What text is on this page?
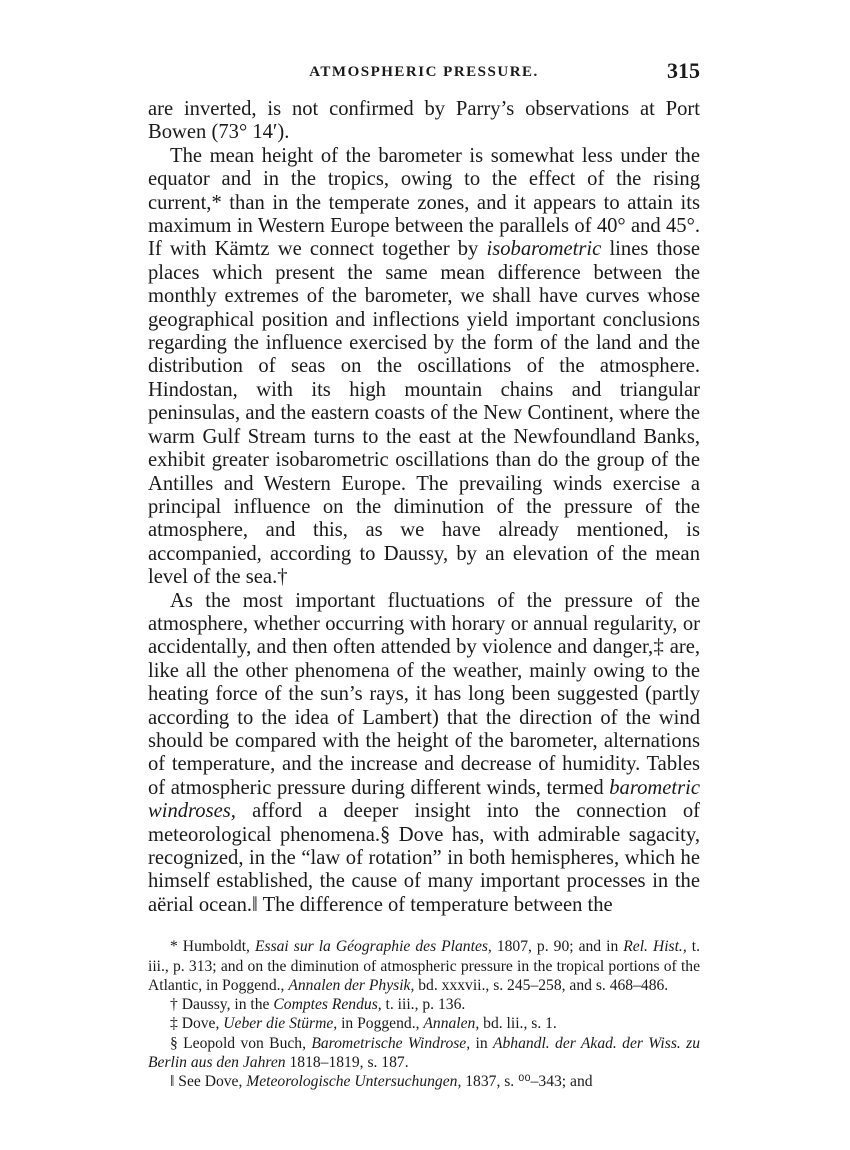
ATMOSPHERIC PRESSURE.	315

are inverted, is not confirmed by Parry’s observations at Port Bowen (73° 14′).

The mean height of the barometer is somewhat less under the equator and in the tropics, owing to the effect of the rising current,* than in the temperate zones, and it appears to attain its maximum in Western Europe between the parallels of 40° and 45°. If with Kämtz we connect together by isobarometric lines those places which present the same mean difference between the monthly extremes of the barometer, we shall have curves whose geographical position and inflections yield important conclusions regarding the influence exercised by the form of the land and the distribution of seas on the oscillations of the atmosphere. Hindostan, with its high mountain chains and triangular peninsulas, and the eastern coasts of the New Continent, where the warm Gulf Stream turns to the east at the Newfoundland Banks, exhibit greater isobarometric oscillations than do the group of the Antilles and Western Europe. The prevailing winds exercise a principal influence on the diminution of the pressure of the atmosphere, and this, as we have already mentioned, is accompanied, according to Daussy, by an elevation of the mean level of the sea.†

As the most important fluctuations of the pressure of the atmosphere, whether occurring with horary or annual regularity, or accidentally, and then often attended by violence and danger,‡ are, like all the other phenomena of the weather, mainly owing to the heating force of the sun’s rays, it has long been suggested (partly according to the idea of Lambert) that the direction of the wind should be compared with the height of the barometer, alternations of temperature, and the increase and decrease of humidity. Tables of atmospheric pressure during different winds, termed barometric windroses, afford a deeper insight into the connection of meteorological phenomena.§ Dove has, with admirable sagacity, recognized, in the “law of rotation” in both hemispheres, which he himself established, the cause of many important processes in the aërial ocean.‖ The difference of temperature between the

* Humboldt, Essai sur la Géographie des Plantes, 1807, p. 90; and in Rel. Hist., t. iii., p. 313; and on the diminution of atmospheric pressure in the tropical portions of the Atlantic, in Poggend., Annalen der Physik, bd. xxxvii., s. 245–258, and s. 468–486.

† Daussy, in the Comptes Rendus, t. iii., p. 136.

‡ Dove, Ueber die Stürme, in Poggend., Annalen, bd. lii., s. 1.

§ Leopold von Buch, Barometrische Windrose, in Abhandl. der Akad. der Wiss. zu Berlin aus den Jahren 1818–1819, s. 187.

‖ See Dove, Meteorologische Untersuchungen, 1837, s. ⁰⁰–343; and
